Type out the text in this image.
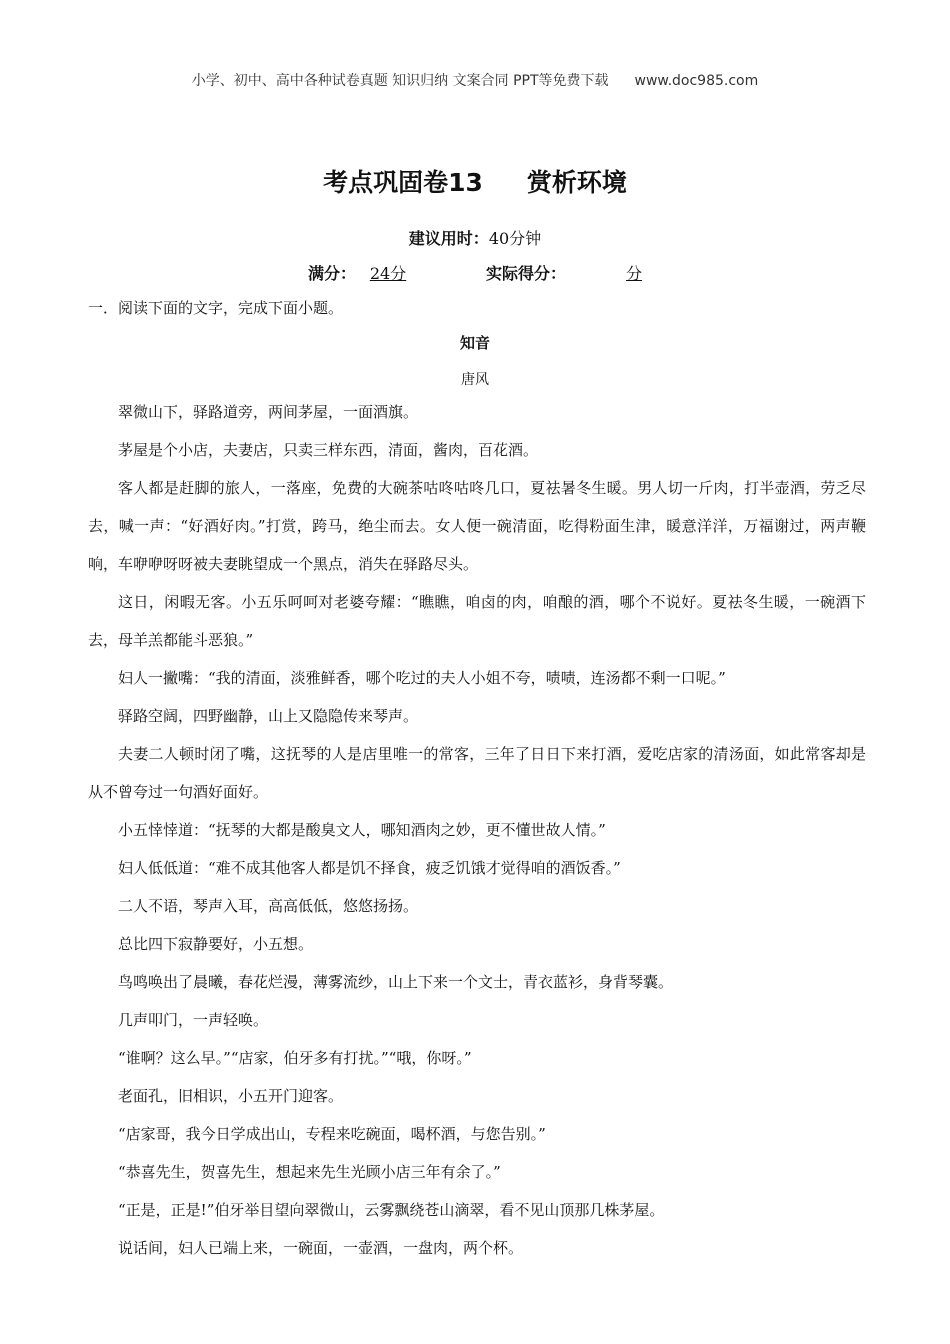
小学、初中、高中各种试卷真题 知识归纳 文案合同 PPT等免费下载 www.doc985.com
考点巩固卷13 赏析环境
建议用时：40分钟
满分： 24分	实际得分：	分
一．阅读下面的文字，完成下面小题。
知音
唐风

翠微山下，驿路道旁，两间茅屋，一面酒旗。

茅屋是个小店，夫妻店，只卖三样东西，清面，酱肉，百花酒。

客人都是赶脚的旅人，一落座，免费的大碗茶咕咚咕咚几口，夏祛暑冬生暖。男人切一斤肉，打半壶酒，劳乏尽去，喊一声：“好酒好肉。”打赏，跨马，绝尘而去。女人便一碗清面，吃得粉面生津，暖意洋洋，万福谢过，两声鞭响，车咿咿呀呀被夫妻眺望成一个黑点，消失在驿路尽头。

这日，闲暇无客。小五乐呵呵对老婆夸耀：“瞧瞧，咱卤的肉，咱酿的酒，哪个不说好。夏祛冬生暖，一碗酒下去，母羊羔都能斗恶狼。”

妇人一撇嘴：“我的清面，淡雅鲜香，哪个吃过的夫人小姐不夸，啧啧，连汤都不剩一口呢。”

驿路空阔，四野幽静，山上又隐隐传来琴声。

夫妻二人顿时闭了嘴，这抚琴的人是店里唯一的常客，三年了日日下来打酒，爱吃店家的清汤面，如此常客却是从不曾夸过一句酒好面好。

小五悻悻道：“抚琴的大都是酸臭文人，哪知酒肉之妙，更不懂世故人情。”

妇人低低道：“难不成其他客人都是饥不择食，疲乏饥饿才觉得咱的酒饭香。”

二人不语，琴声入耳，高高低低，悠悠扬扬。

总比四下寂静要好，小五想。

鸟鸣唤出了晨曦，春花烂漫，薄雾流纱，山上下来一个文士，青衣蓝衫，身背琴囊。

几声叩门，一声轻唤。

“谁啊？这么早。”“店家，伯牙多有打扰。”“哦，你呀。”

老面孔，旧相识，小五开门迎客。

“店家哥，我今日学成出山，专程来吃碗面，喝杯酒，与您告别。”

“恭喜先生，贺喜先生，想起来先生光顾小店三年有余了。”

“正是，正是!”伯牙举目望向翠微山，云雾飘绕苍山滴翠，看不见山顶那几株茅屋。

说话间，妇人已端上来，一碗面，一壶酒，一盘肉，两个杯。
